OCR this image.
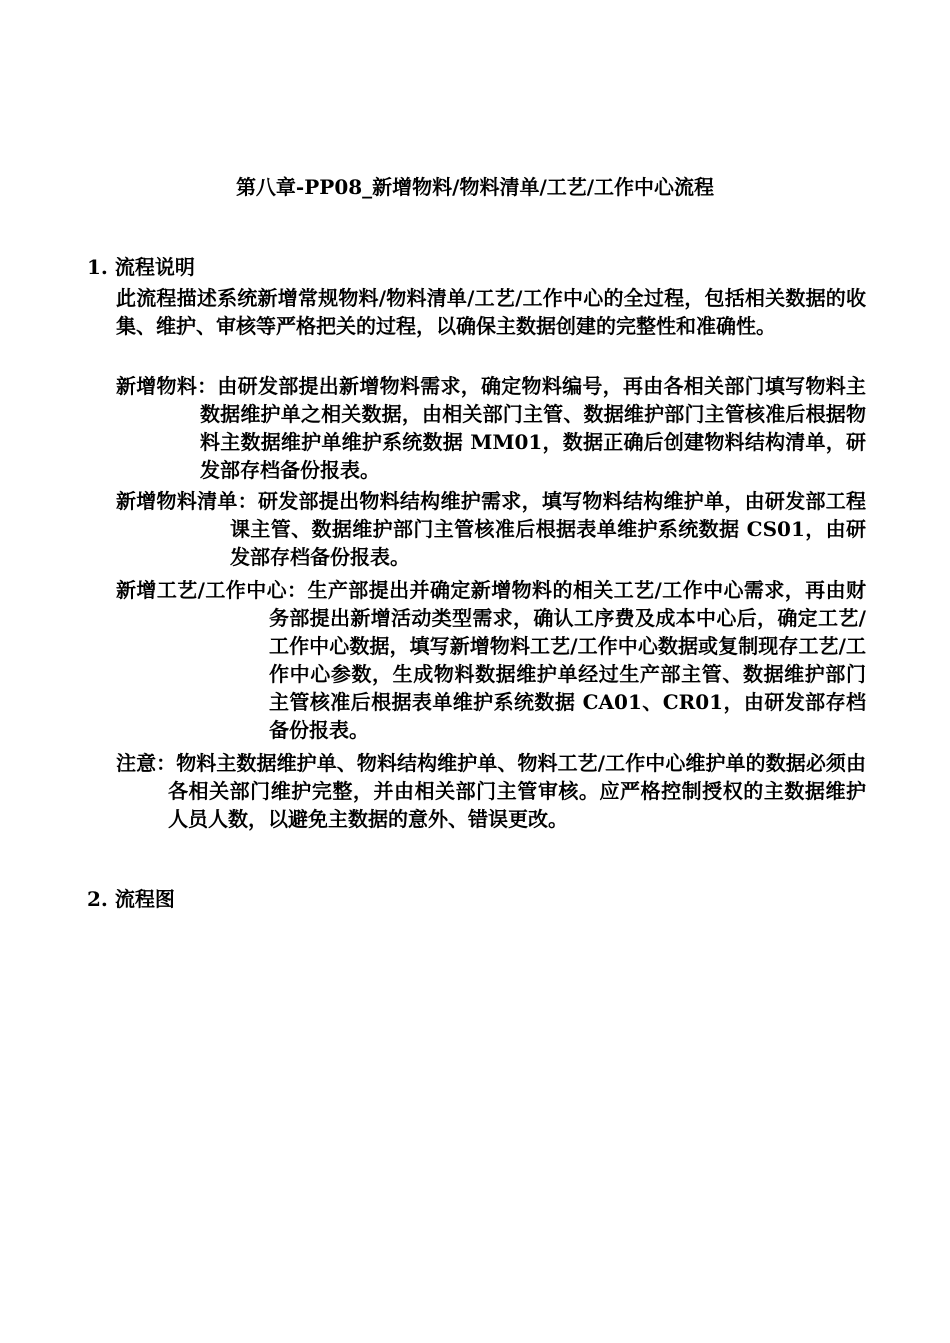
第八章-PP08_新增物料/物料清单/工艺/工作中心流程
1. 流程说明
此流程描述系统新增常规物料/物料清单/工艺/工作中心的全过程，包括相关数据的收集、维护、审核等严格把关的过程，以确保主数据创建的完整性和准确性。

新增物料：由研发部提出新增物料需求，确定物料编号，再由各相关部门填写物料主数据维护单之相关数据，由相关部门主管、数据维护部门主管核准后根据物料主数据维护单维护系统数据 MM01，数据正确后创建物料结构清单，研发部存档备份报表。

新增物料清单：研发部提出物料结构维护需求，填写物料结构维护单，由研发部工程课主管、数据维护部门主管核准后根据表单维护系统数据 CS01，由研发部存档备份报表。

新增工艺/工作中心：生产部提出并确定新增物料的相关工艺/工作中心需求，再由财务部提出新增活动类型需求，确认工序费及成本中心后，确定工艺/工作中心数据，填写新增物料工艺/工作中心数据或复制现存工艺/工作中心参数，生成物料数据维护单经过生产部主管、数据维护部门主管核准后根据表单维护系统数据 CA01、CR01，由研发部存档备份报表。

注意：物料主数据维护单、物料结构维护单、物料工艺/工作中心维护单的数据必须由各相关部门维护完整，并由相关部门主管审核。应严格控制授权的主数据维护人员人数，以避免主数据的意外、错误更改。

2. 流程图
